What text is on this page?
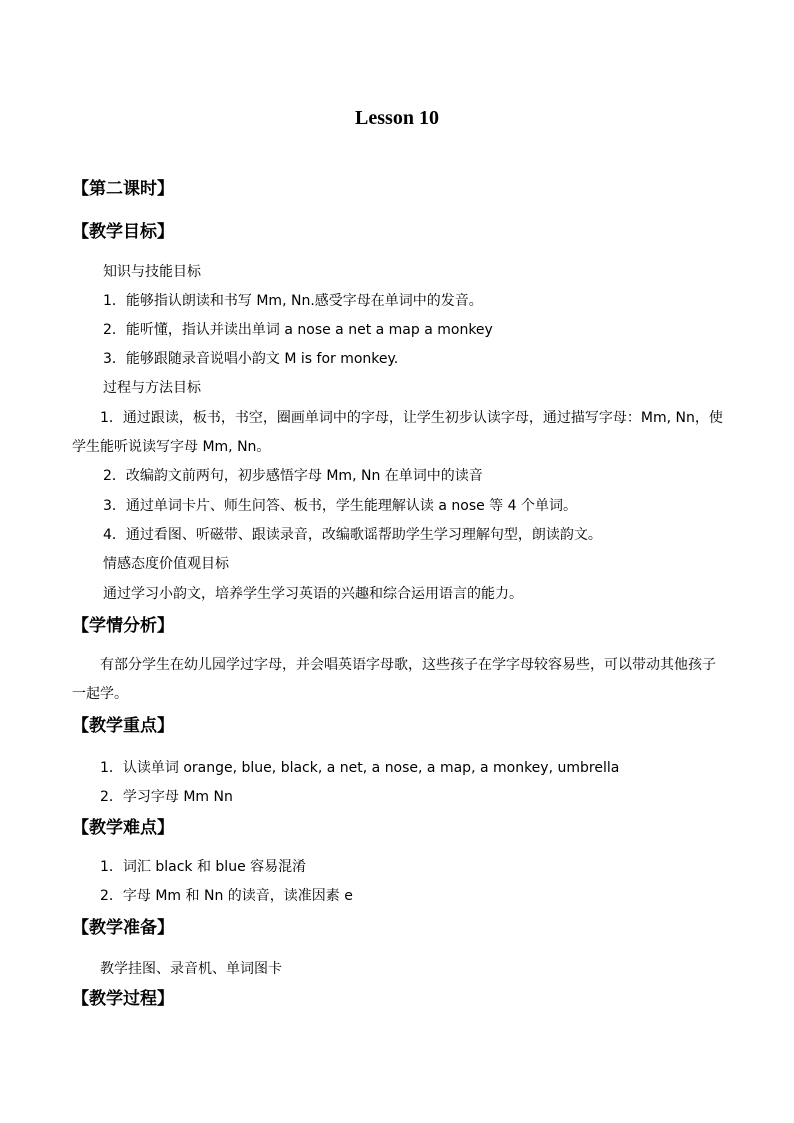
Lesson 10
【第二课时】
【教学目标】
知识与技能目标
1．能够指认朗读和书写 Mm, Nn.感受字母在单词中的发音。
2．能听懂，指认并读出单词 a nose a net a map a monkey
3．能够跟随录音说唱小韵文 M is for monkey.
过程与方法目标
1．通过跟读，板书，书空，圈画单词中的字母，让学生初步认读字母，通过描写字母：Mm, Nn，使学生能听说读写字母 Mm, Nn。
2．改编韵文前两句，初步感悟字母 Mm, Nn 在单词中的读音
3．通过单词卡片、师生问答、板书，学生能理解认读 a nose 等 4 个单词。
4．通过看图、听磁带、跟读录音，改编歌谣帮助学生学习理解句型，朗读韵文。
情感态度价值观目标
通过学习小韵文，培养学生学习英语的兴趣和综合运用语言的能力。
【学情分析】
有部分学生在幼儿园学过字母，并会唱英语字母歌，这些孩子在学字母较容易些，可以带动其他孩子一起学。
【教学重点】
1．认读单词 orange, blue, black, a net, a nose, a map, a monkey, umbrella
2．学习字母 Mm Nn
【教学难点】
1．词汇 black 和 blue 容易混淆
2．字母 Mm 和 Nn 的读音，读准因素 e
【教学准备】
教学挂图、录音机、单词图卡
【教学过程】
